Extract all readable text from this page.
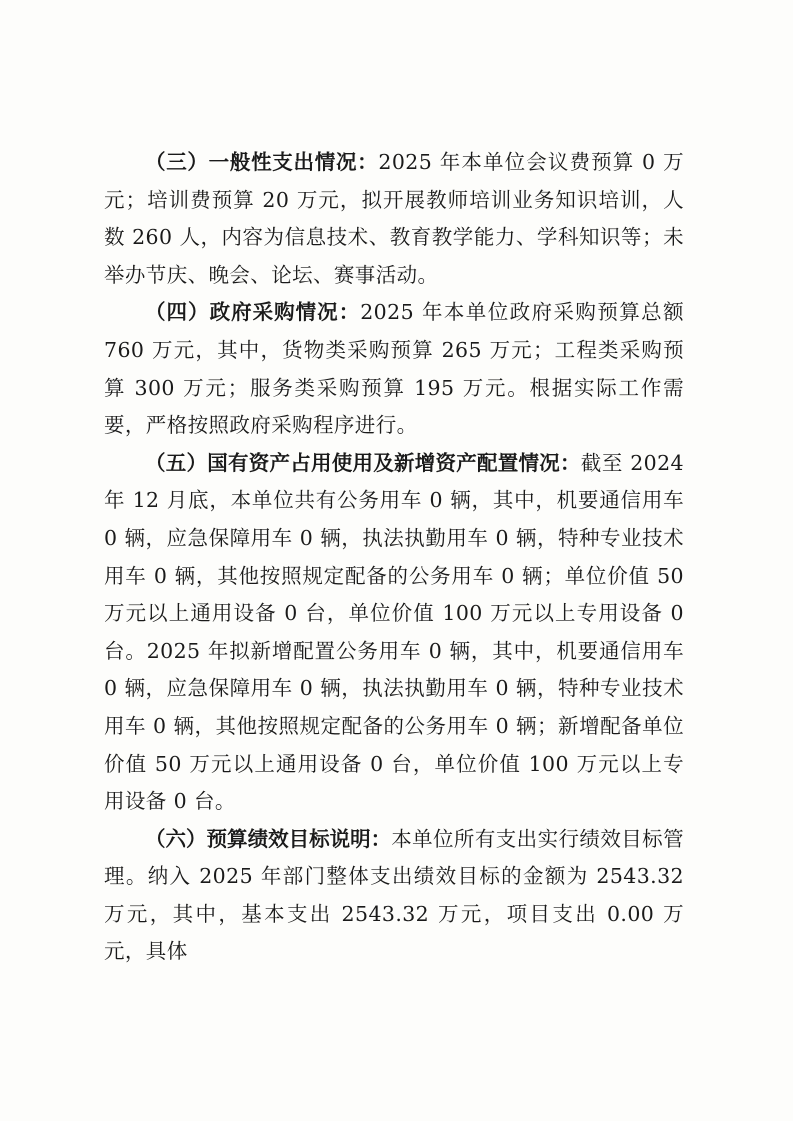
（三）一般性支出情况：2025 年本单位会议费预算 0 万元；培训费预算 20 万元，拟开展教师培训业务知识培训，人数 260 人，内容为信息技术、教育教学能力、学科知识等；未举办节庆、晚会、论坛、赛事活动。

（四）政府采购情况：2025 年本单位政府采购预算总额 760 万元，其中，货物类采购预算 265 万元；工程类采购预算 300 万元；服务类采购预算 195 万元。根据实际工作需要，严格按照政府采购程序进行。

（五）国有资产占用使用及新增资产配置情况：截至 2024 年 12 月底，本单位共有公务用车 0 辆，其中，机要通信用车 0 辆，应急保障用车 0 辆，执法执勤用车 0 辆，特种专业技术用车 0 辆，其他按照规定配备的公务用车 0 辆；单位价值 50 万元以上通用设备 0 台，单位价值 100 万元以上专用设备 0 台。2025 年拟新增配置公务用车 0 辆，其中，机要通信用车 0 辆，应急保障用车 0 辆，执法执勤用车 0 辆，特种专业技术用车 0 辆，其他按照规定配备的公务用车 0 辆；新增配备单位价值 50 万元以上通用设备 0 台，单位价值 100 万元以上专用设备 0 台。

（六）预算绩效目标说明：本单位所有支出实行绩效目标管理。纳入 2025 年部门整体支出绩效目标的金额为 2543.32 万元，其中，基本支出 2543.32 万元，项目支出 0.00 万元，具体
